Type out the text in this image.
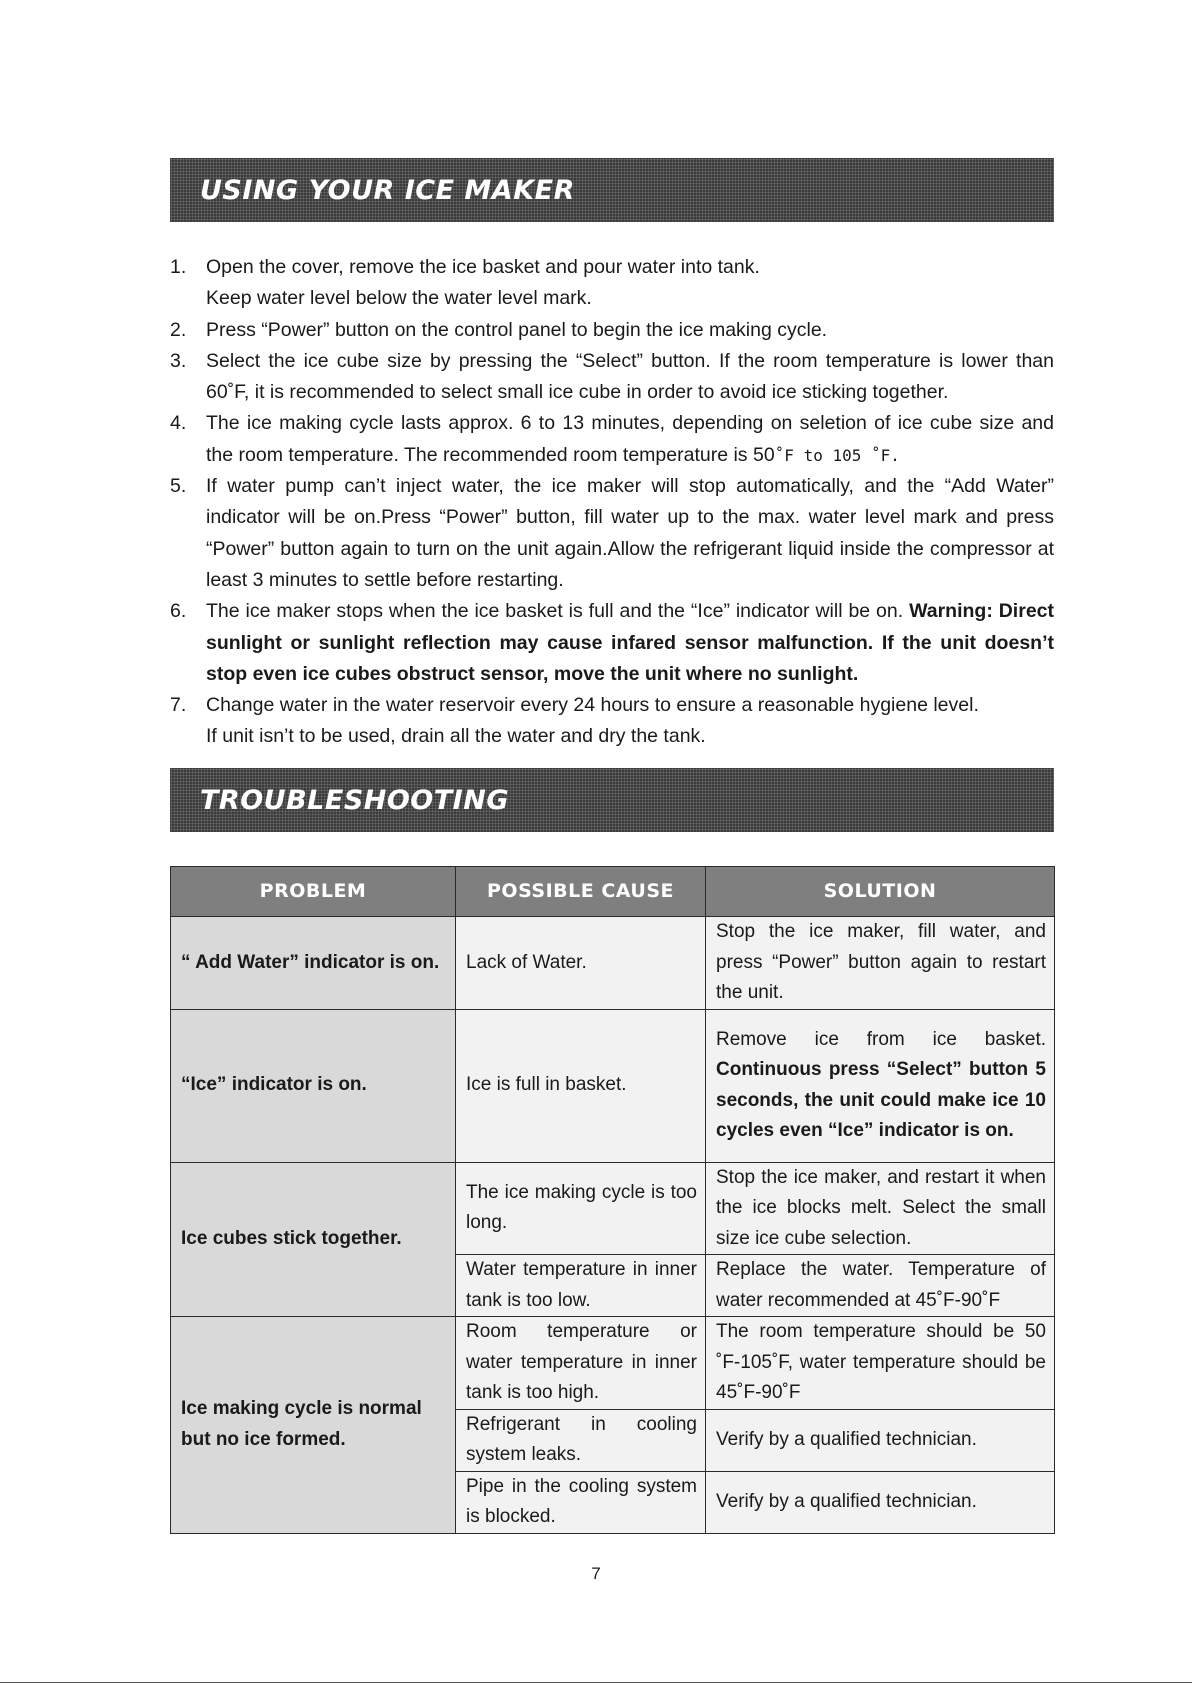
USING YOUR ICE MAKER
1. Open the cover, remove the ice basket and pour water into tank.
Keep water level below the water level mark.
2. Press “Power” button on the control panel to begin the ice making cycle.
3. Select the ice cube size by pressing the “Select” button. If the room temperature is lower than 60˚F, it is recommended to select small ice cube in order to avoid ice sticking together.
4. The ice making cycle lasts approx. 6 to 13 minutes, depending on seletion of ice cube size and the room temperature. The recommended room temperature is 50˚F to 105 ˚F.
5. If water pump can’t inject water, the ice maker will stop automatically, and the “Add Water” indicator will be on.Press “Power” button, fill water up to the max. water level mark and press “Power” button again to turn on the unit again.Allow the refrigerant liquid inside the compressor at least 3 minutes to settle before restarting.
6. The ice maker stops when the ice basket is full and the “Ice” indicator will be on. Warning: Direct sunlight or sunlight reflection may cause infared sensor malfunction. If the unit doesn’t stop even ice cubes obstruct sensor, move the unit where no sunlight.
7. Change water in the water reservoir every 24 hours to ensure a reasonable hygiene level.
If unit isn’t to be used, drain all the water and dry the tank.
TROUBLESHOOTING
PROBLEM	POSSIBLE CAUSE	SOLUTION
“ Add Water” indicator is on.	Lack of Water.	Stop the ice maker, fill water, and press “Power” button again to restart the unit.
“Ice” indicator is on.	Ice is full in basket.	Remove ice from ice basket. Continuous press “Select” button 5 seconds, the unit could make ice 10 cycles even “Ice” indicator is on.
Ice cubes stick together.	The ice making cycle is too long.	Stop the ice maker, and restart it when the ice blocks melt. Select the small size ice cube selection.
	Water temperature in inner tank is too low.	Replace the water. Temperature of water recommended at 45˚F-90˚F
Ice making cycle is normal but no ice formed.	Room temperature or water temperature in inner tank is too high.	The room temperature should be 50 ˚F-105˚F, water temperature should be 45˚F-90˚F
	Refrigerant in cooling system leaks.	Verify by a qualified technician.
	Pipe in the cooling system is blocked.	Verify by a qualified technician.
7
